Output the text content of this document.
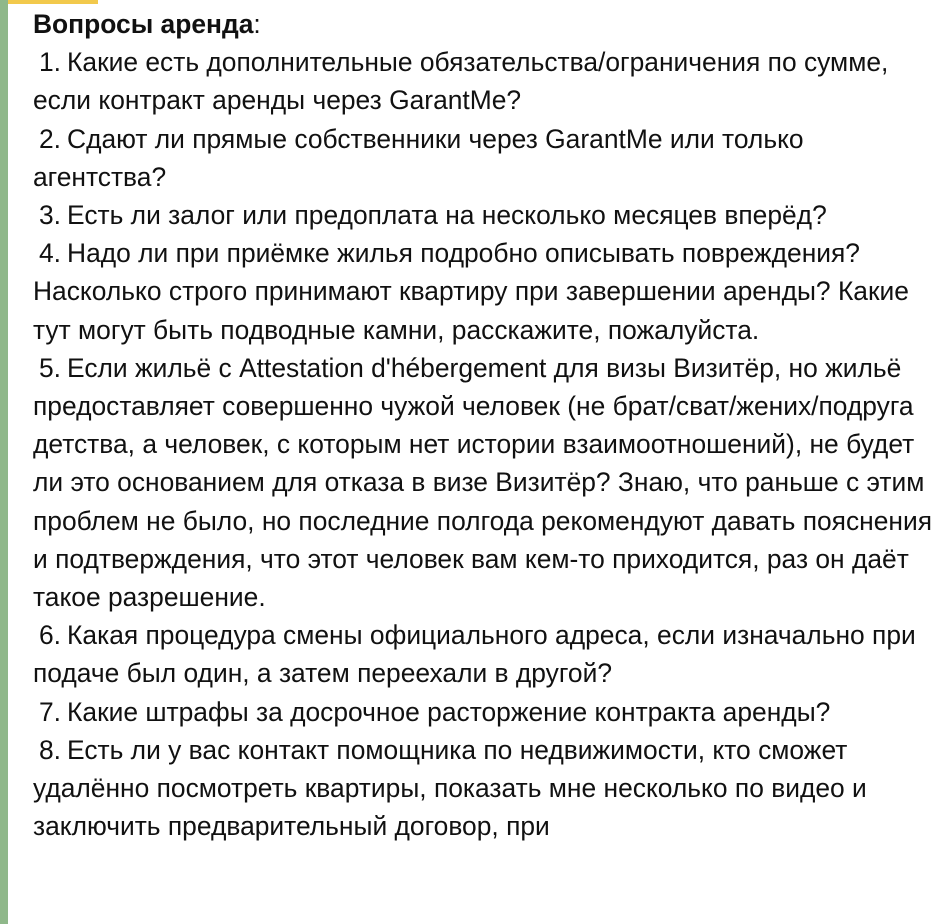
Вопросы аренда:
1. Какие есть дополнительные обязательства/ограничения по сумме, если контракт аренды через GarantMe?
2. Сдают ли прямые собственники через GarantMe или только агентства?
3. Есть ли залог или предоплата на несколько месяцев вперёд?
4. Надо ли при приёмке жилья подробно описывать повреждения? Насколько строго принимают квартиру при завершении аренды? Какие тут могут быть подводные камни, расскажите, пожалуйста.
5. Если жильё с Attestation d'hébergement для визы Визитёр, но жильё предоставляет совершенно чужой человек (не брат/сват/жених/подруга детства, а человек, с которым нет истории взаимоотношений), не будет ли это основанием для отказа в визе Визитёр? Знаю, что раньше с этим проблем не было, но последние полгода рекомендуют давать пояснения и подтверждения, что этот человек вам кем-то приходится, раз он даёт такое разрешение.
6. Какая процедура смены официального адреса, если изначально при подаче был один, а затем переехали в другой?
7. Какие штрафы за досрочное расторжение контракта аренды?
8. Есть ли у вас контакт помощника по недвижимости, кто сможет удалённо посмотреть квартиры, показать мне несколько по видео и заключить предварительный договор, при
